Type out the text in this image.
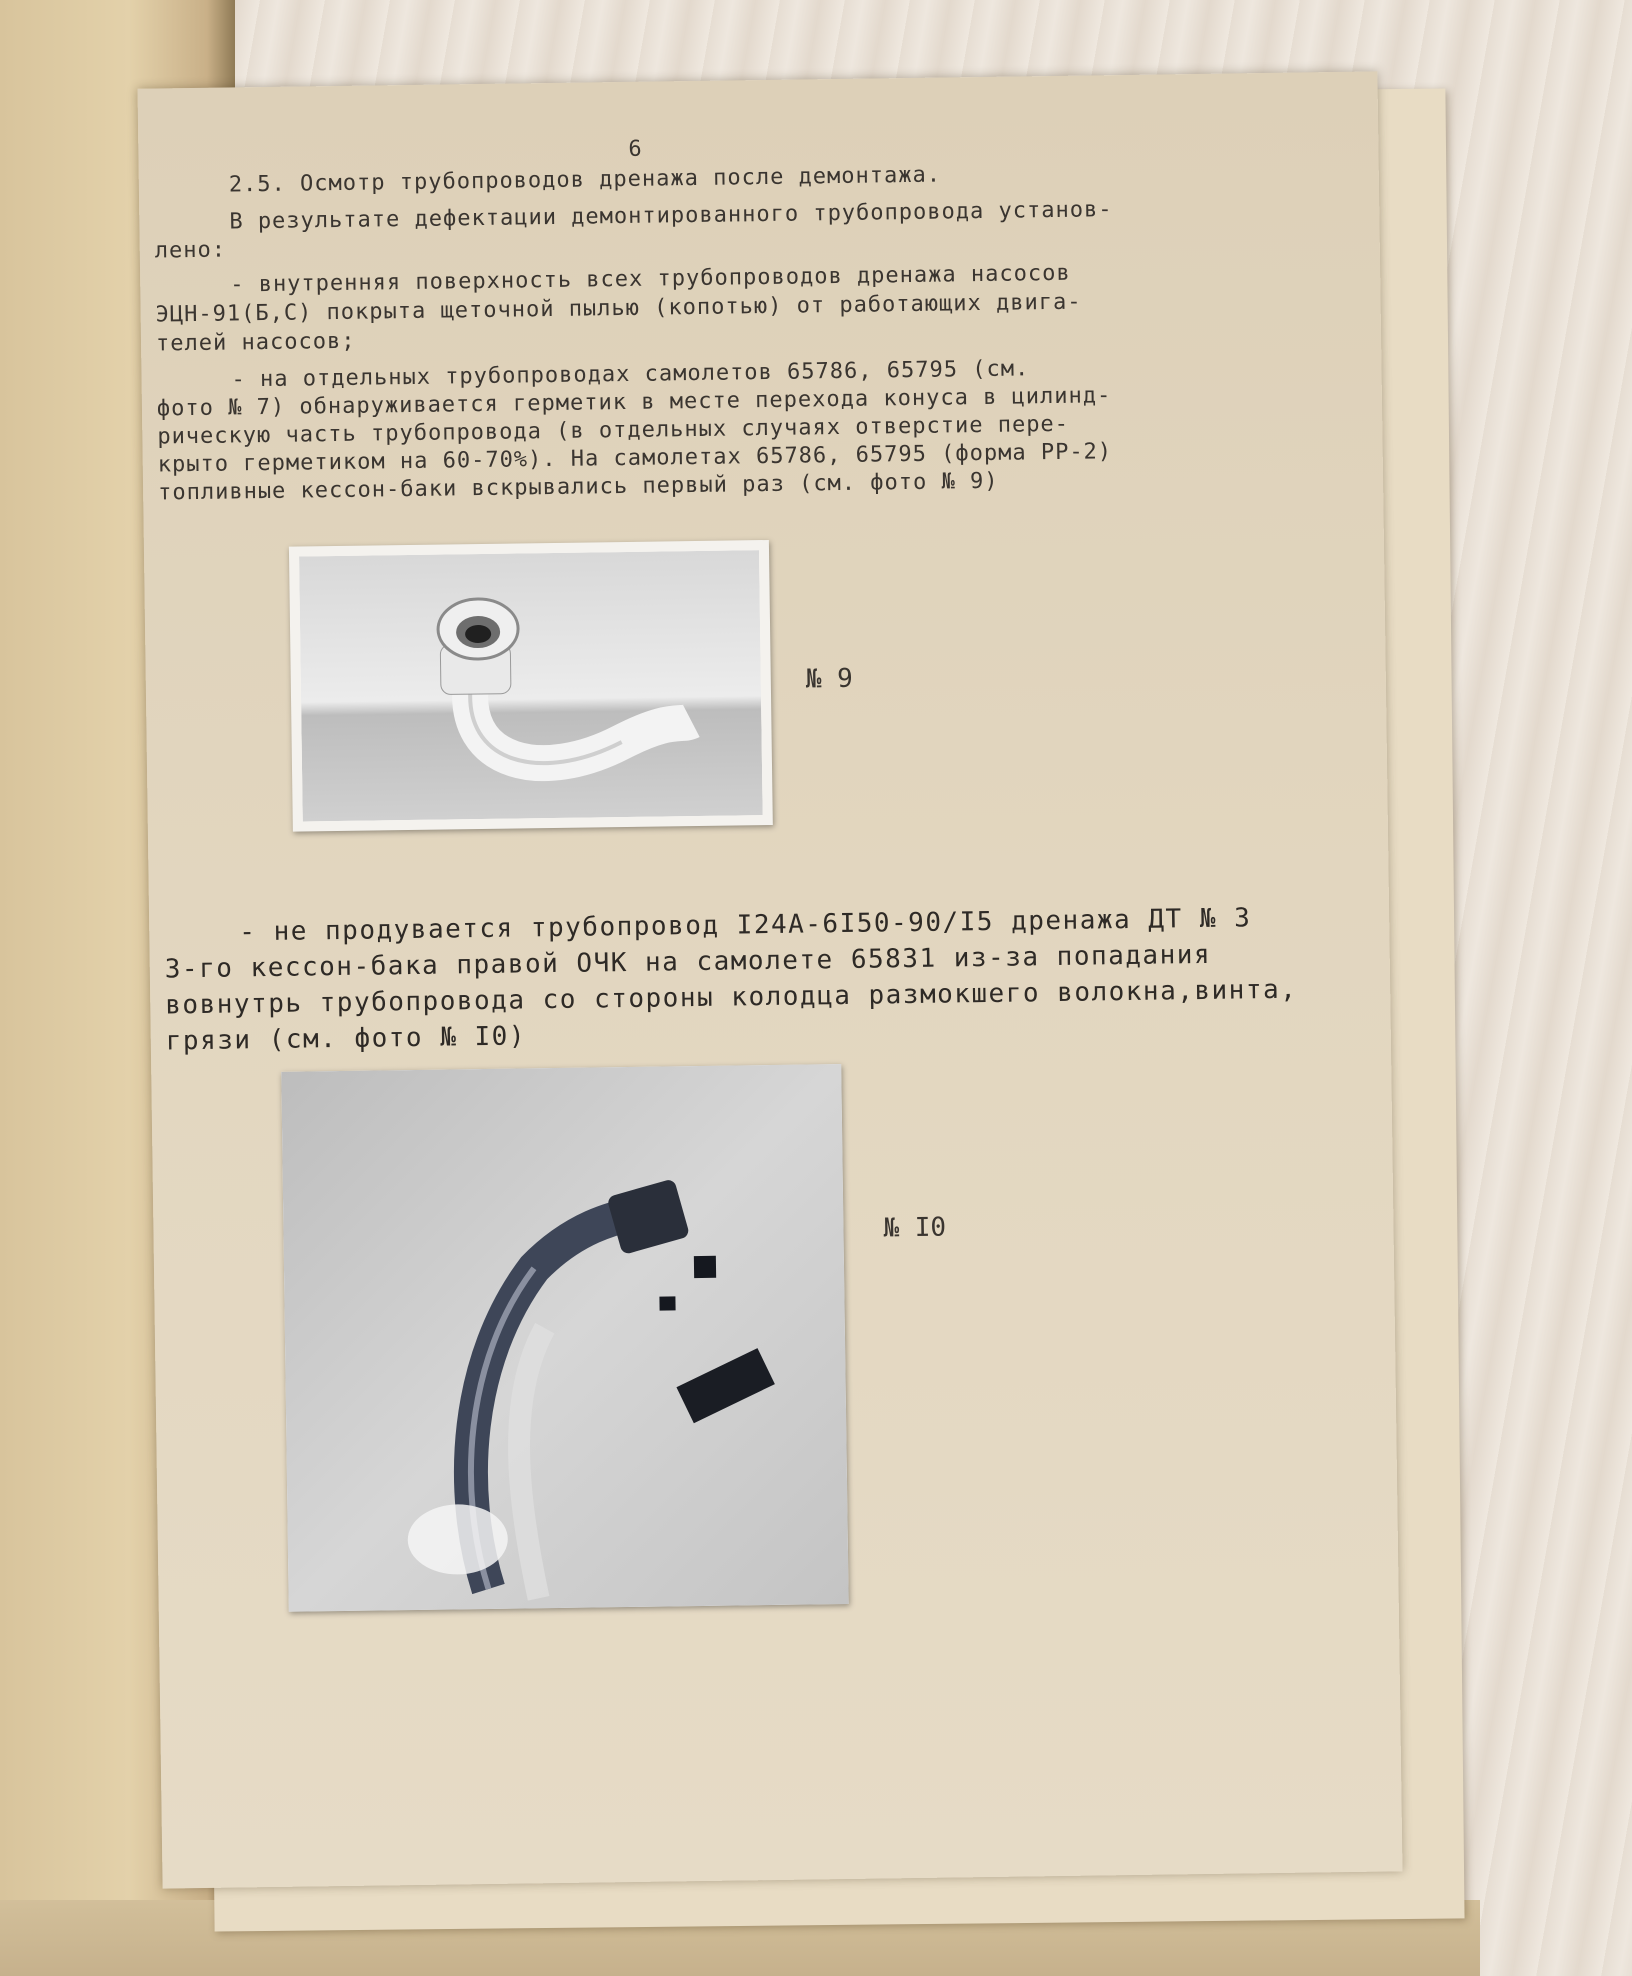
6
2.5. Осмотр трубопроводов дренажа после демонтажа.
В результате дефектации демонтированного трубопровода установ-
лено:
- внутренняя поверхность всех трубопроводов дренажа насосов
ЭЦН-91(Б,С) покрыта щеточной пылью (копотью) от работающих двига-
телей насосов;
- на отдельных трубопроводах самолетов 65786, 65795 (см.
фото № 7) обнаруживается герметик в месте перехода конуса в цилинд-
рическую часть трубопровода (в отдельных случаях отверстие пере-
крыто герметиком на 60-70%). На самолетах 65786, 65795 (форма РР-2)
топливные кессон-баки вскрывались первый раз (см. фото № 9)
№ 9
- не продувается трубопровод I24A-6I50-90/I5 дренажа ДТ № 3
3-го кессон-бака правой ОЧК на самолете 65831 из-за попадания
вовнутрь трубопровода со стороны колодца размокшего волокна,винта,
грязи (см. фото № I0)
№ I0
